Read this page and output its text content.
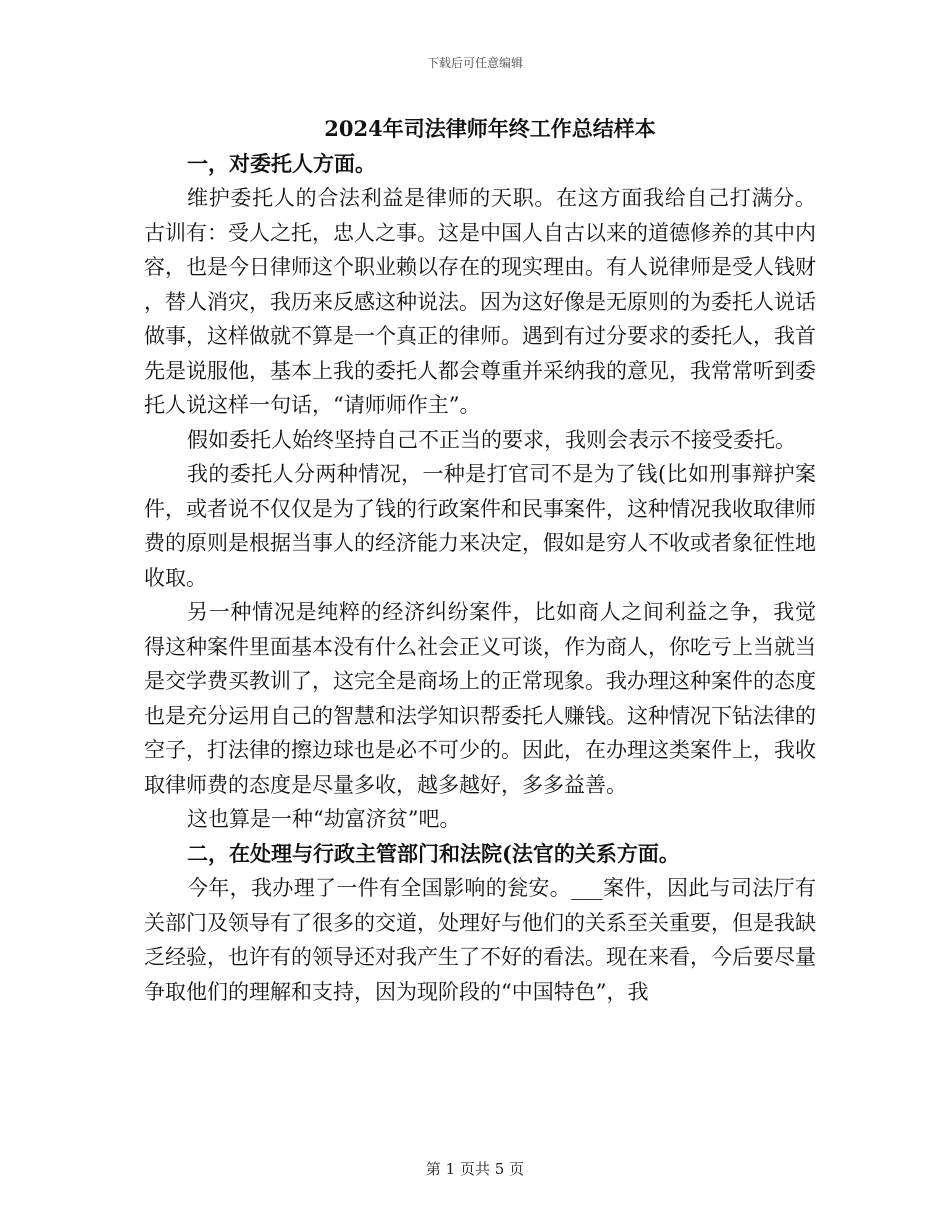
下载后可任意编辑
2024年司法律师年终工作总结样本

一，对委托人方面。

维护委托人的合法利益是律师的天职。在这方面我给自己打满分。古训有：受人之托，忠人之事。这是中国人自古以来的道德修养的其中内容，也是今日律师这个职业赖以存在的现实理由。有人说律师是受人钱财，替人消灾，我历来反感这种说法。因为这好像是无原则的为委托人说话做事，这样做就不算是一个真正的律师。遇到有过分要求的委托人，我首先是说服他，基本上我的委托人都会尊重并采纳我的意见，我常常听到委托人说这样一句话，“请师师作主”。

假如委托人始终坚持自己不正当的要求，我则会表示不接受委托。

我的委托人分两种情况，一种是打官司不是为了钱(比如刑事辩护案件，或者说不仅仅是为了钱的行政案件和民事案件，这种情况我收取律师费的原则是根据当事人的经济能力来决定，假如是穷人不收或者象征性地收取。

另一种情况是纯粹的经济纠纷案件，比如商人之间利益之争，我觉得这种案件里面基本没有什么社会正义可谈，作为商人，你吃亏上当就当是交学费买教训了，这完全是商场上的正常现象。我办理这种案件的态度也是充分运用自己的智慧和法学知识帮委托人赚钱。这种情况下钻法律的空子，打法律的擦边球也是必不可少的。因此，在办理这类案件上，我收取律师费的态度是尽量多收，越多越好，多多益善。

这也算是一种“劫富济贫”吧。

二，在处理与行政主管部门和法院(法官的关系方面。

今年，我办理了一件有全国影响的瓮安。___案件，因此与司法厅有关部门及领导有了很多的交道，处理好与他们的关系至关重要，但是我缺乏经验，也许有的领导还对我产生了不好的看法。现在来看，今后要尽量争取他们的理解和支持，因为现阶段的“中国特色”，我

第 1 页共 5 页
